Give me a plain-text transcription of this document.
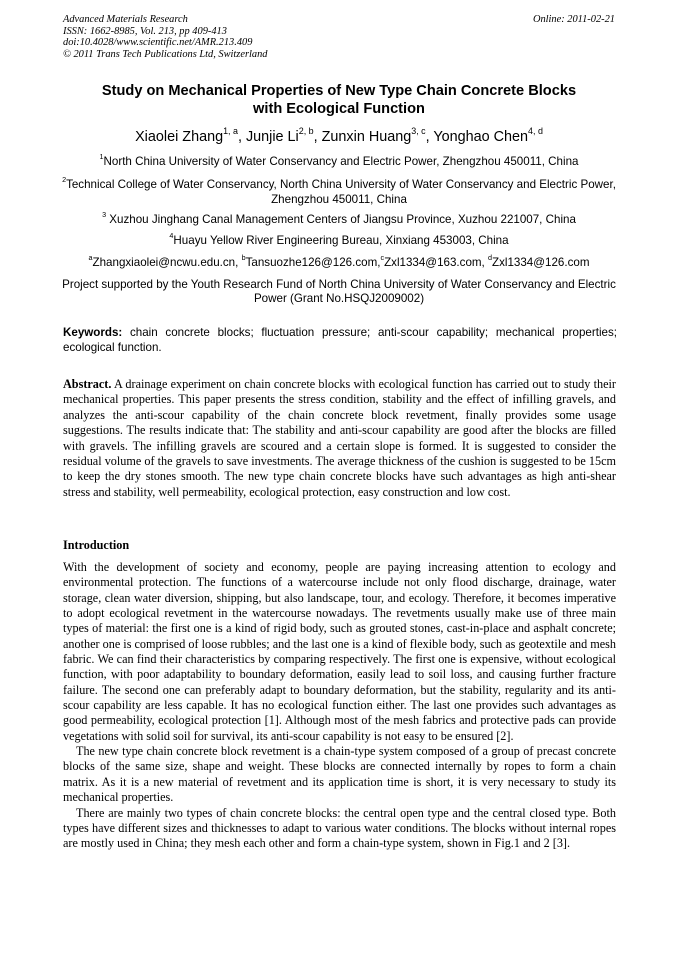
Advanced Materials Research
ISSN: 1662-8985, Vol. 213, pp 409-413
doi:10.4028/www.scientific.net/AMR.213.409
© 2011 Trans Tech Publications Ltd, Switzerland
Online: 2011-02-21
Study on Mechanical Properties of New Type Chain Concrete Blocks
with Ecological Function
Xiaolei Zhang$^{1, a}$, Junjie Li$^{2, b}$, Zunxin Huang$^{3, c}$, Yonghao Chen$^{4, d}$
$^1$North China University of Water Conservancy and Electric Power, Zhengzhou 450011, China
$^2$Technical College of Water Conservancy, North China University of Water Conservancy and Electric Power, Zhengzhou 450011, China
$^3$ Xuzhou Jinghang Canal Management Centers of Jiangsu Province, Xuzhou 221007, China
$^4$Huayu Yellow River Engineering Bureau, Xinxiang 453003, China
$^a$Zhangxiaolei@ncwu.edu.cn, $^b$Tansuozhe126@126.com,$^c$Zxl1334@163.com, $^d$Zxl1334@126.com
Project supported by the Youth Research Fund of North China University of Water Conservancy and Electric Power (Grant No.HSQJ2009002)
Keywords: chain concrete blocks; fluctuation pressure; anti-scour capability; mechanical properties; ecological function.
Abstract. A drainage experiment on chain concrete blocks with ecological function has carried out to study their mechanical properties. This paper presents the stress condition, stability and the effect of infilling gravels, and analyzes the anti-scour capability of the chain concrete block revetment, finally provides some usage suggestions. The results indicate that: The stability and anti-scour capability are good after the blocks are filled with gravels. The infilling gravels are scoured and a certain slope is formed. It is suggested to consider the residual volume of the gravels to save investments. The average thickness of the cushion is suggested to be 15cm to keep the dry stones smooth. The new type chain concrete blocks have such advantages as high anti-shear stress and stability, well permeability, ecological protection, easy construction and low cost.
Introduction

With the development of society and economy, people are paying increasing attention to ecology and environmental protection. The functions of a watercourse include not only flood discharge, drainage, water storage, clean water diversion, shipping, but also landscape, tour, and ecology. Therefore, it becomes imperative to adopt ecological revetment in the watercourse nowadays. The revetments usually make use of three main types of material: the first one is a kind of rigid body, such as grouted stones, cast-in-place and asphalt concrete; another one is comprised of loose rubbles; and the last one is a kind of flexible body, such as geotextile and mesh fabric. We can find their characteristics by comparing respectively. The first one is expensive, without ecological function, with poor adaptability to boundary deformation, easily lead to soil loss, and causing further fracture failure. The second one can preferably adapt to boundary deformation, but the stability, regularity and its anti-scour capability are less capable. It has no ecological function either. The last one provides such advantages as good permeability, ecological protection [1]. Although most of the mesh fabrics and protective pads can provide vegetations with solid soil for survival, its anti-scour capability is not easy to be ensured [2].

The new type chain concrete block revetment is a chain-type system composed of a group of precast concrete blocks of the same size, shape and weight. These blocks are connected internally by ropes to form a chain matrix. As it is a new material of revetment and its application time is short, it is very necessary to study its mechanical properties.

There are mainly two types of chain concrete blocks: the central open type and the central closed type. Both types have different sizes and thicknesses to adapt to various water conditions. The blocks without internal ropes are mostly used in China; they mesh each other and form a chain-type system, shown in Fig.1 and 2 [3].
